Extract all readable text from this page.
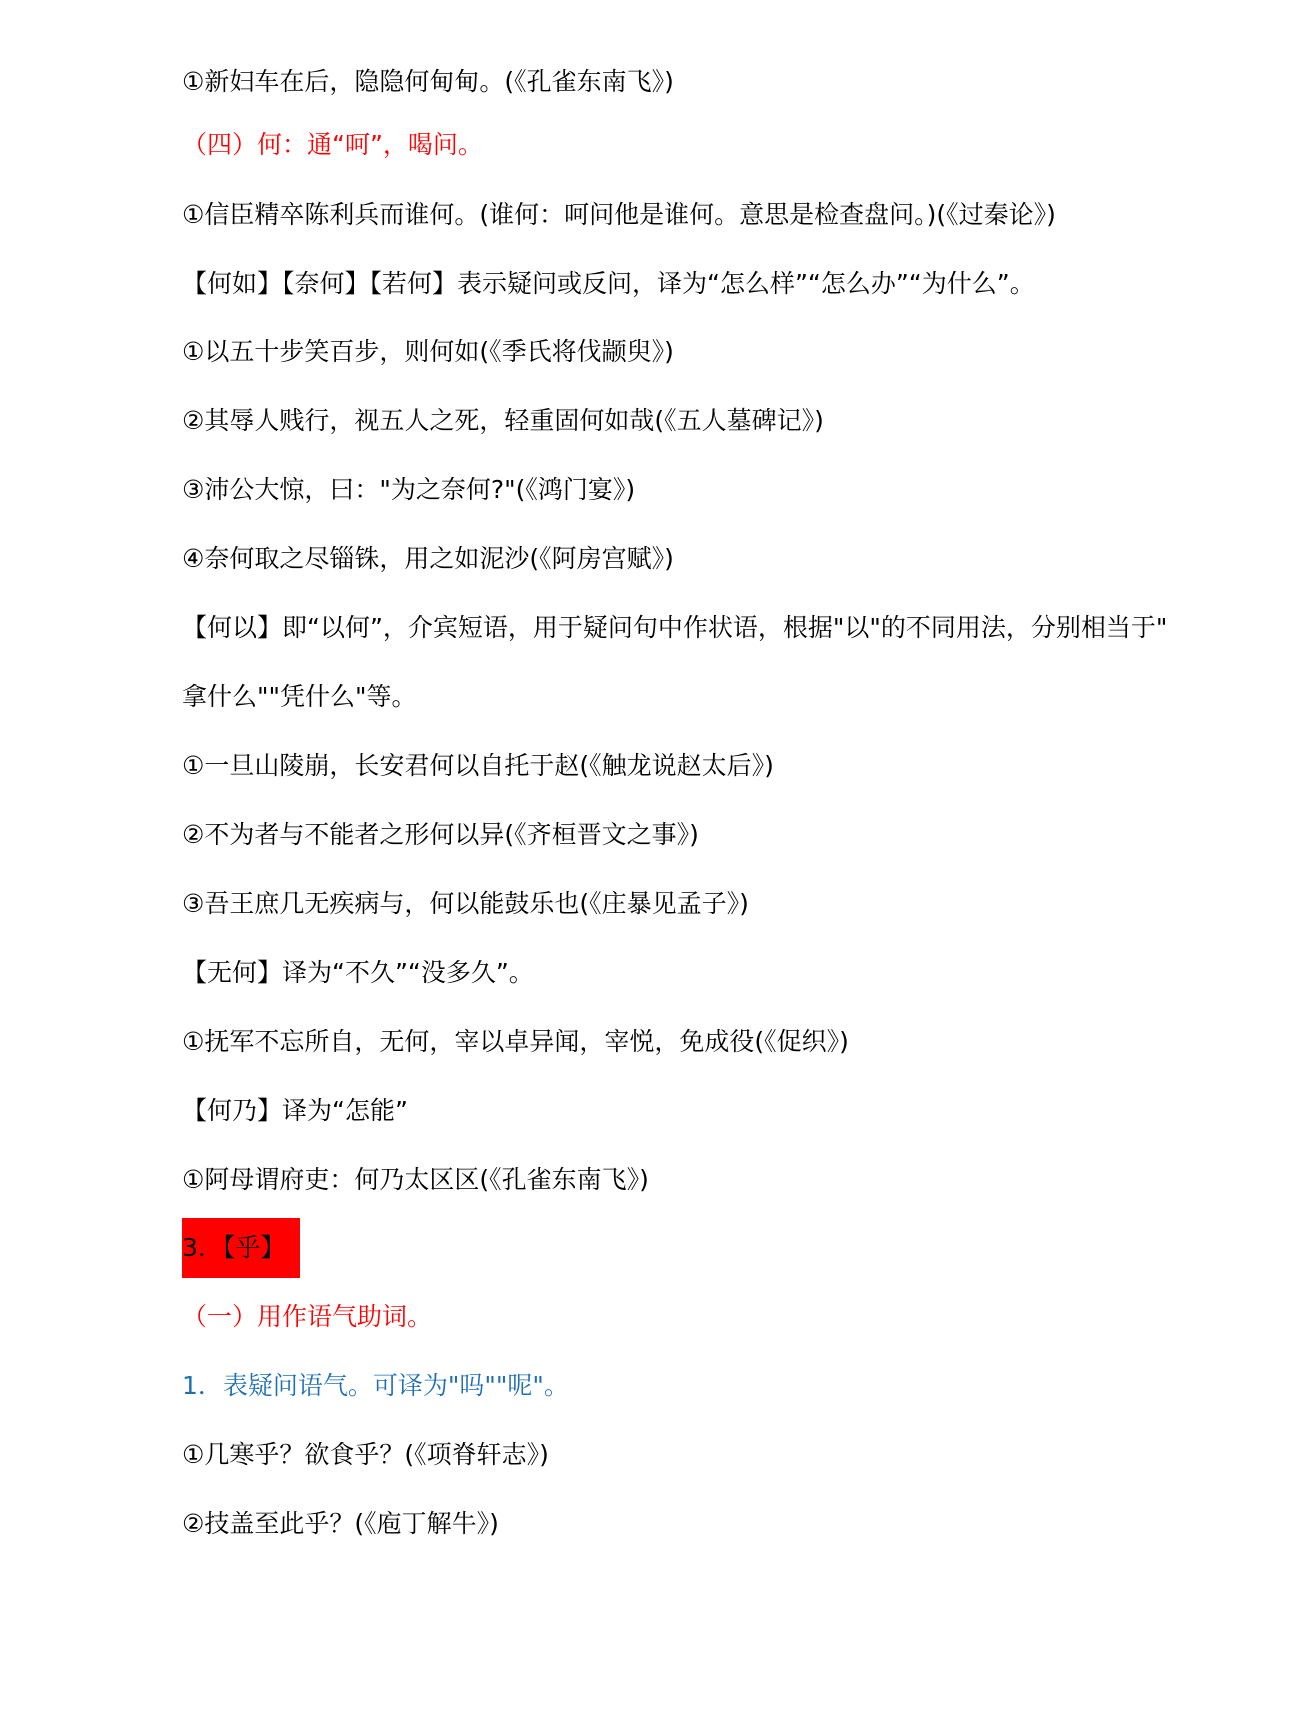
①新妇车在后，隐隐何甸甸。(《孔雀东南飞》)
（四）何：通“呵”，喝问。
①信臣精卒陈利兵而谁何。(谁何：呵问他是谁何。意思是检查盘问。)(《过秦论》)
【何如】【奈何】【若何】表示疑问或反问，译为“怎么样”“怎么办”“为什么”。
①以五十步笑百步，则何如(《季氏将伐颛臾》)
②其辱人贱行，视五人之死，轻重固何如哉(《五人墓碑记》)
③沛公大惊，曰："为之奈何?"(《鸿门宴》)
④奈何取之尽锱铢，用之如泥沙(《阿房宫赋》)
【何以】即“以何”，介宾短语，用于疑问句中作状语，根据"以"的不同用法，分别相当于"
拿什么""凭什么"等。
①一旦山陵崩，长安君何以自托于赵(《触龙说赵太后》)
②不为者与不能者之形何以异(《齐桓晋文之事》)
③吾王庶几无疾病与，何以能鼓乐也(《庄暴见孟子》)
【无何】译为“不久”“没多久”。
①抚军不忘所自，无何，宰以卓异闻，宰悦，免成役(《促织》)
【何乃】译为“怎能”
①阿母谓府吏：何乃太区区(《孔雀东南飞》)
3．【乎】
（一）用作语气助词。
1．表疑问语气。可译为"吗""呢"。
①几寒乎？欲食乎？(《项脊轩志》)
②技盖至此乎？(《庖丁解牛》)
